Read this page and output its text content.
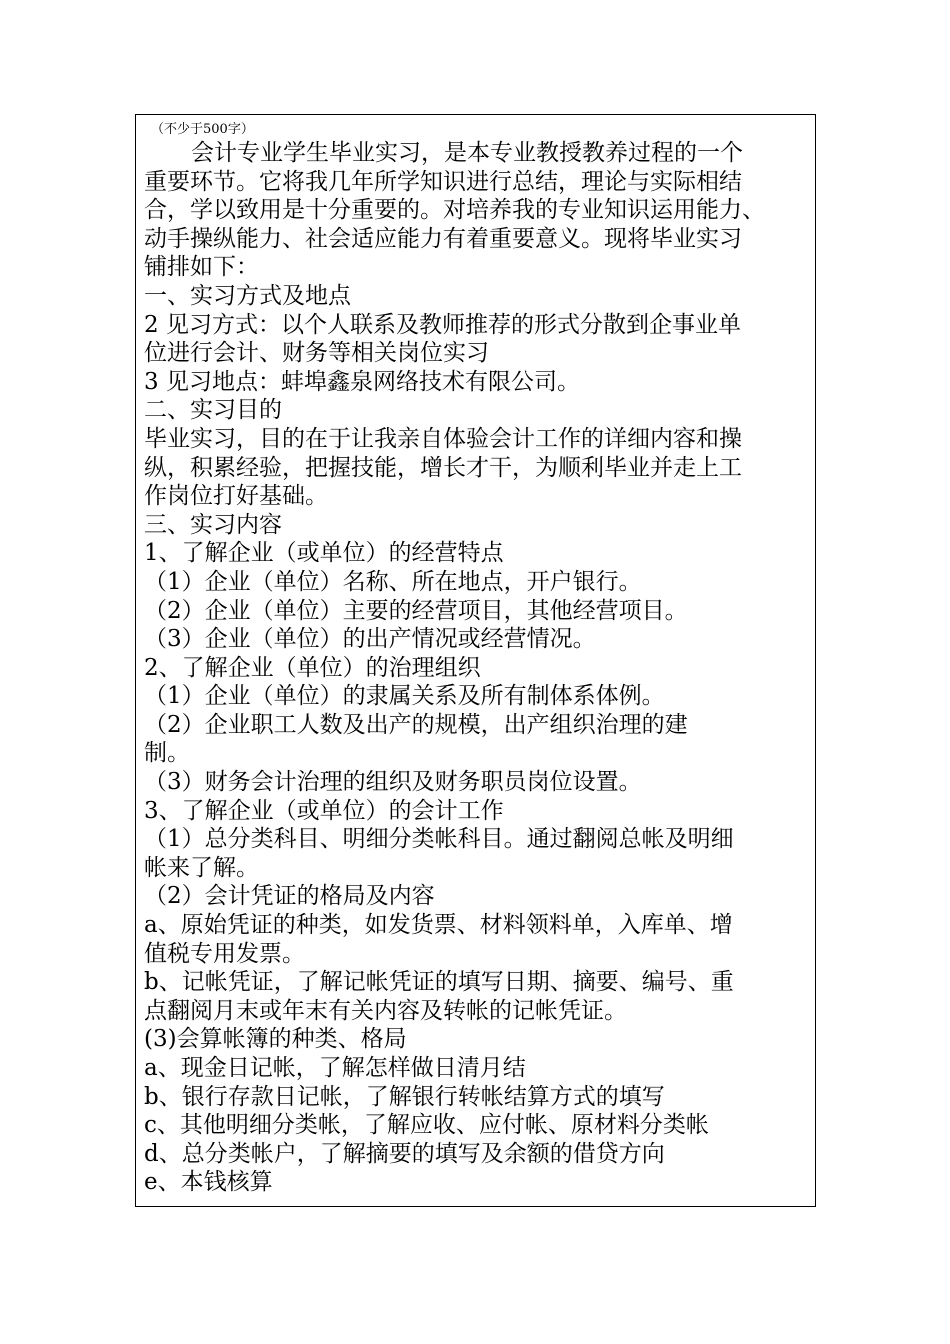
（不少于500字）
会计专业学生毕业实习，是本专业教授教养过程的一个
重要环节。它将我几年所学知识进行总结，理论与实际相结
合，学以致用是十分重要的。对培养我的专业知识运用能力、
动手操纵能力、社会适应能力有着重要意义。现将毕业实习
铺排如下：
一、实习方式及地点
2 见习方式：以个人联系及教师推荐的形式分散到企事业单
位进行会计、财务等相关岗位实习
3 见习地点：蚌埠鑫泉网络技术有限公司。
二、实习目的
毕业实习，目的在于让我亲自体验会计工作的详细内容和操
纵，积累经验，把握技能，增长才干，为顺利毕业并走上工
作岗位打好基础。
三、实习内容
1、了解企业（或单位）的经营特点
（1）企业（单位）名称、所在地点，开户银行。
（2）企业（单位）主要的经营项目，其他经营项目。
（3）企业（单位）的出产情况或经营情况。
2、了解企业（单位）的治理组织
（1）企业（单位）的隶属关系及所有制体系体例。
（2）企业职工人数及出产的规模，出产组织治理的建
制。
（3）财务会计治理的组织及财务职员岗位设置。
3、了解企业（或单位）的会计工作
（1）总分类科目、明细分类帐科目。通过翻阅总帐及明细
帐来了解。
（2）会计凭证的格局及内容
a、原始凭证的种类，如发货票、材料领料单，入库单、增
值税专用发票。
b、记帐凭证，了解记帐凭证的填写日期、摘要、编号、重
点翻阅月末或年末有关内容及转帐的记帐凭证。
(3)会算帐簿的种类、格局
a、现金日记帐，了解怎样做日清月结
b、银行存款日记帐，了解银行转帐结算方式的填写
c、其他明细分类帐，了解应收、应付帐、原材料分类帐
d、总分类帐户，了解摘要的填写及余额的借贷方向
e、本钱核算
